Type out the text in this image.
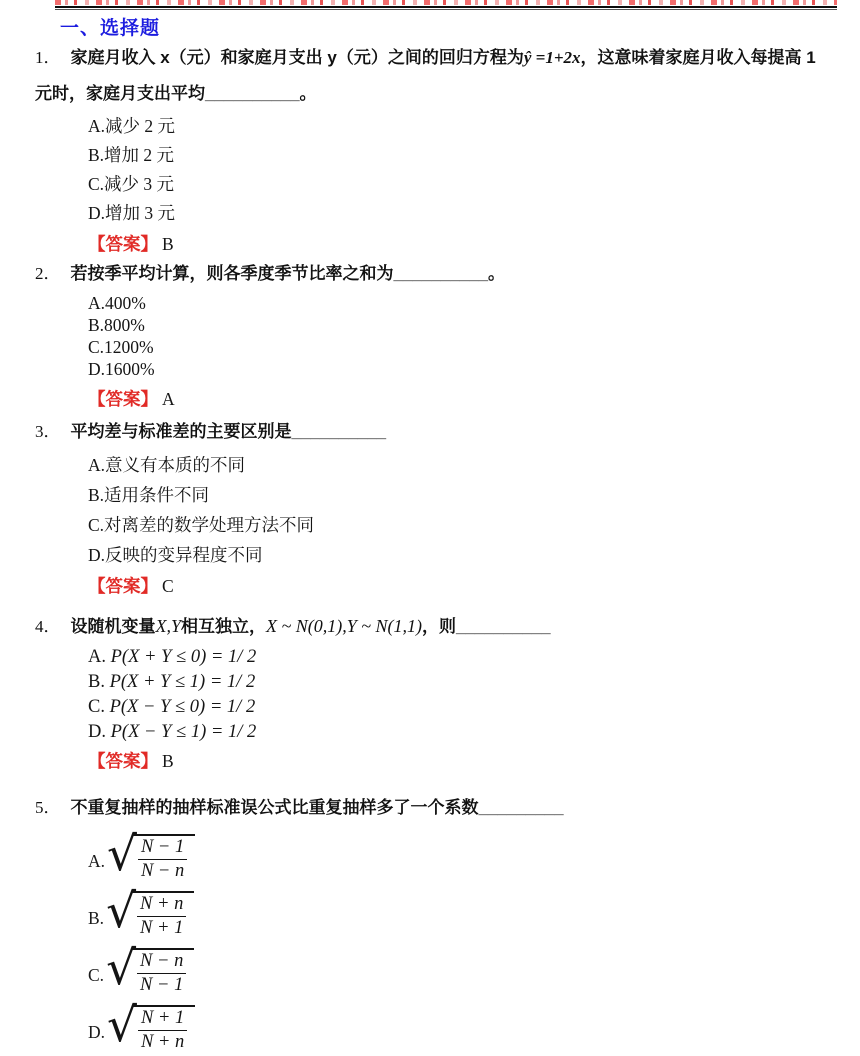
一、选择题
1． 家庭月收入 x（元）和家庭月支出 y（元）之间的回归方程为ŷ =1+2x，这意味着家庭月收入每提高 1
元时，家庭月支出平均__________。
A.减少 2 元
B.增加 2 元
C.减少 3 元
D.增加 3 元
【答案】 B
2． 若按季平均计算，则各季度季节比率之和为__________。
A.400%
B.800%
C.1200%
D.1600%
【答案】 A
3． 平均差与标准差的主要区别是__________
A.意义有本质的不同
B.适用条件不同
C.对离差的数学处理方法不同
D.反映的变异程度不同
【答案】 C
4． 设随机变量X,Y相互独立，X ~ N(0,1),Y ~ N(1,1)，则__________
A. P(X + Y ≤ 0) = 1/ 2
B. P(X + Y ≤ 1) = 1/ 2
C. P(X − Y ≤ 0) = 1/ 2
D. P(X − Y ≤ 1) = 1/ 2
【答案】 B
5． 不重复抽样的抽样标准误公式比重复抽样多了一个系数_________
A. √ N − 1
N − n
B. √ N + n
N + 1
C. √ N − n
N − 1
D. √ N + 1
N + n
